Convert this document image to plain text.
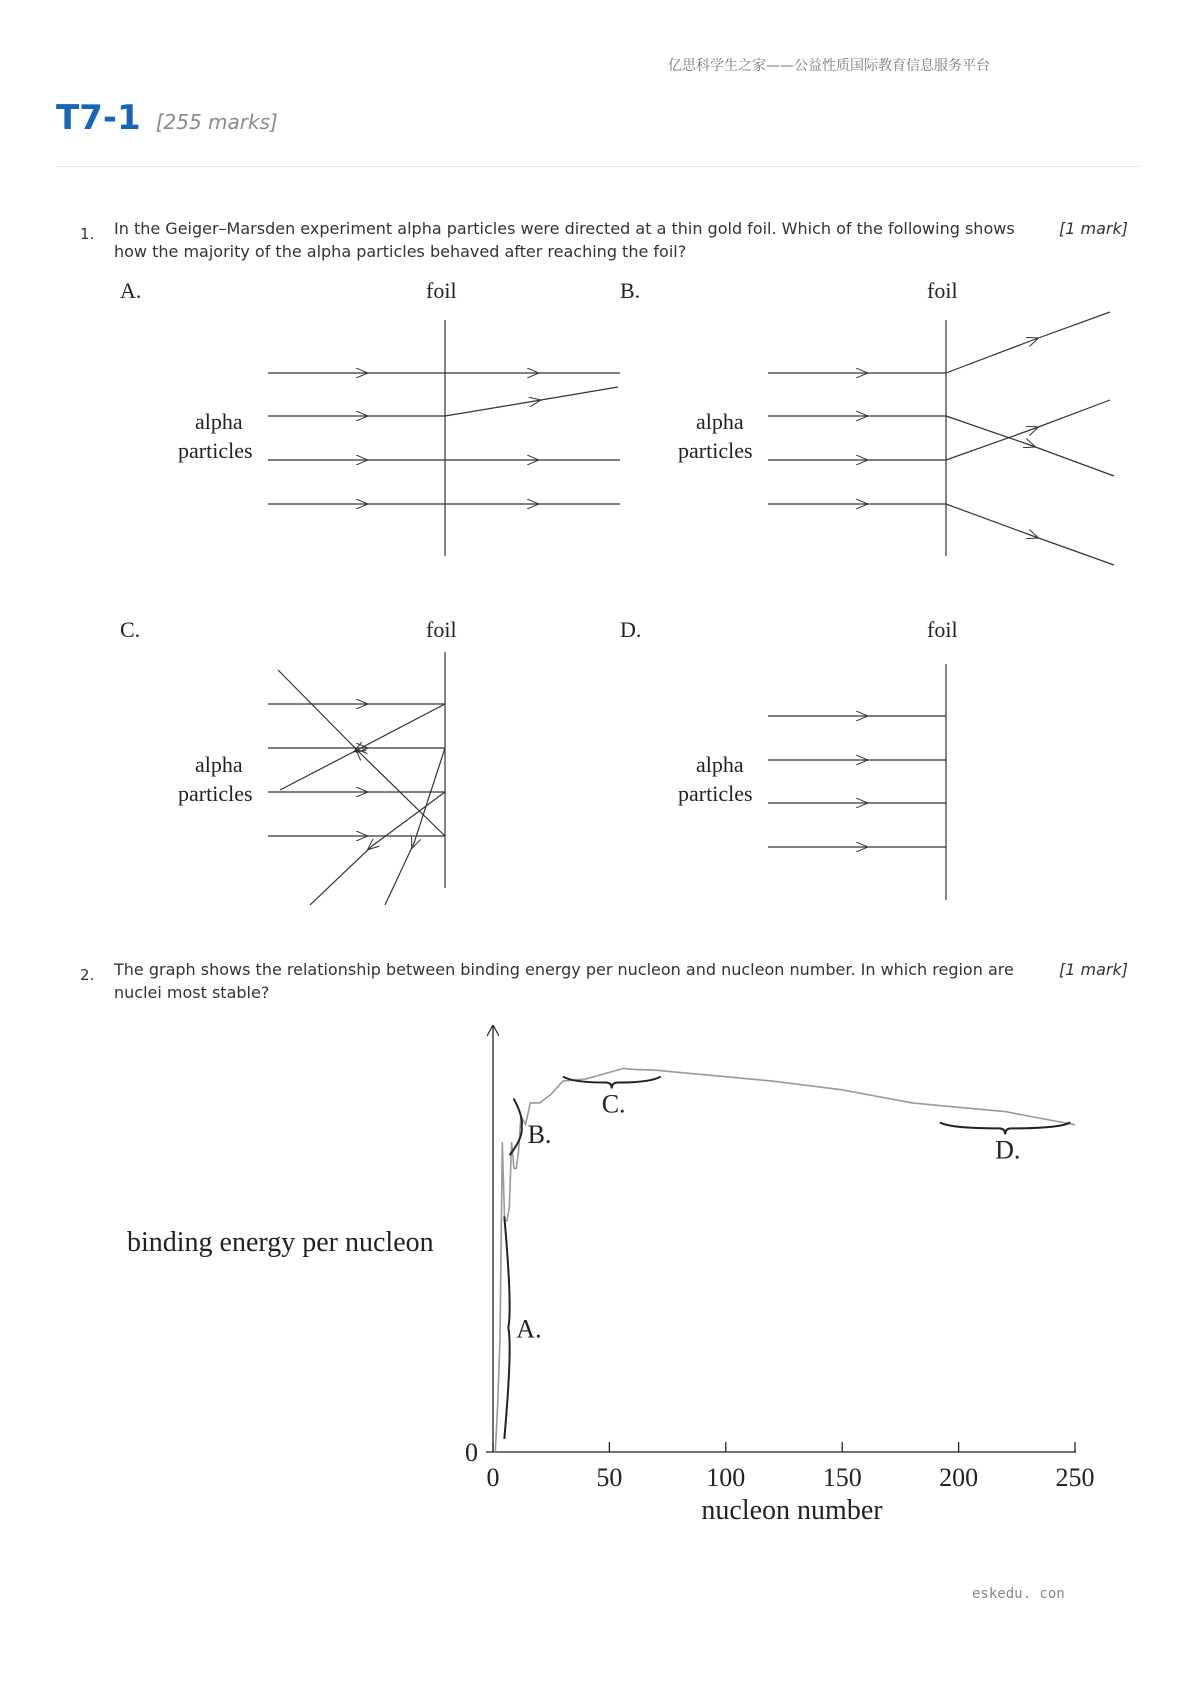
亿思科学生之家——公益性质国际教育信息服务平台
T7-1 [255 marks]
1. In the Geiger–Marsden experiment alpha particles were directed at a thin gold foil. Which of the following shows how the majority of the alpha particles behaved after reaching the foil?
[1 mark]
A.	foil
alpha
particles
B.	foil
alpha
particles
C.	foil
alpha
particles
D.	foil
alpha
particles
2. The graph shows the relationship between binding energy per nucleon and nucleon number. In which region are nuclei most stable?
[1 mark]
0	50	100	150	200	250
0
nucleon number
binding energy per nucleon
A.
B.
C.
D.
eskedu. con
